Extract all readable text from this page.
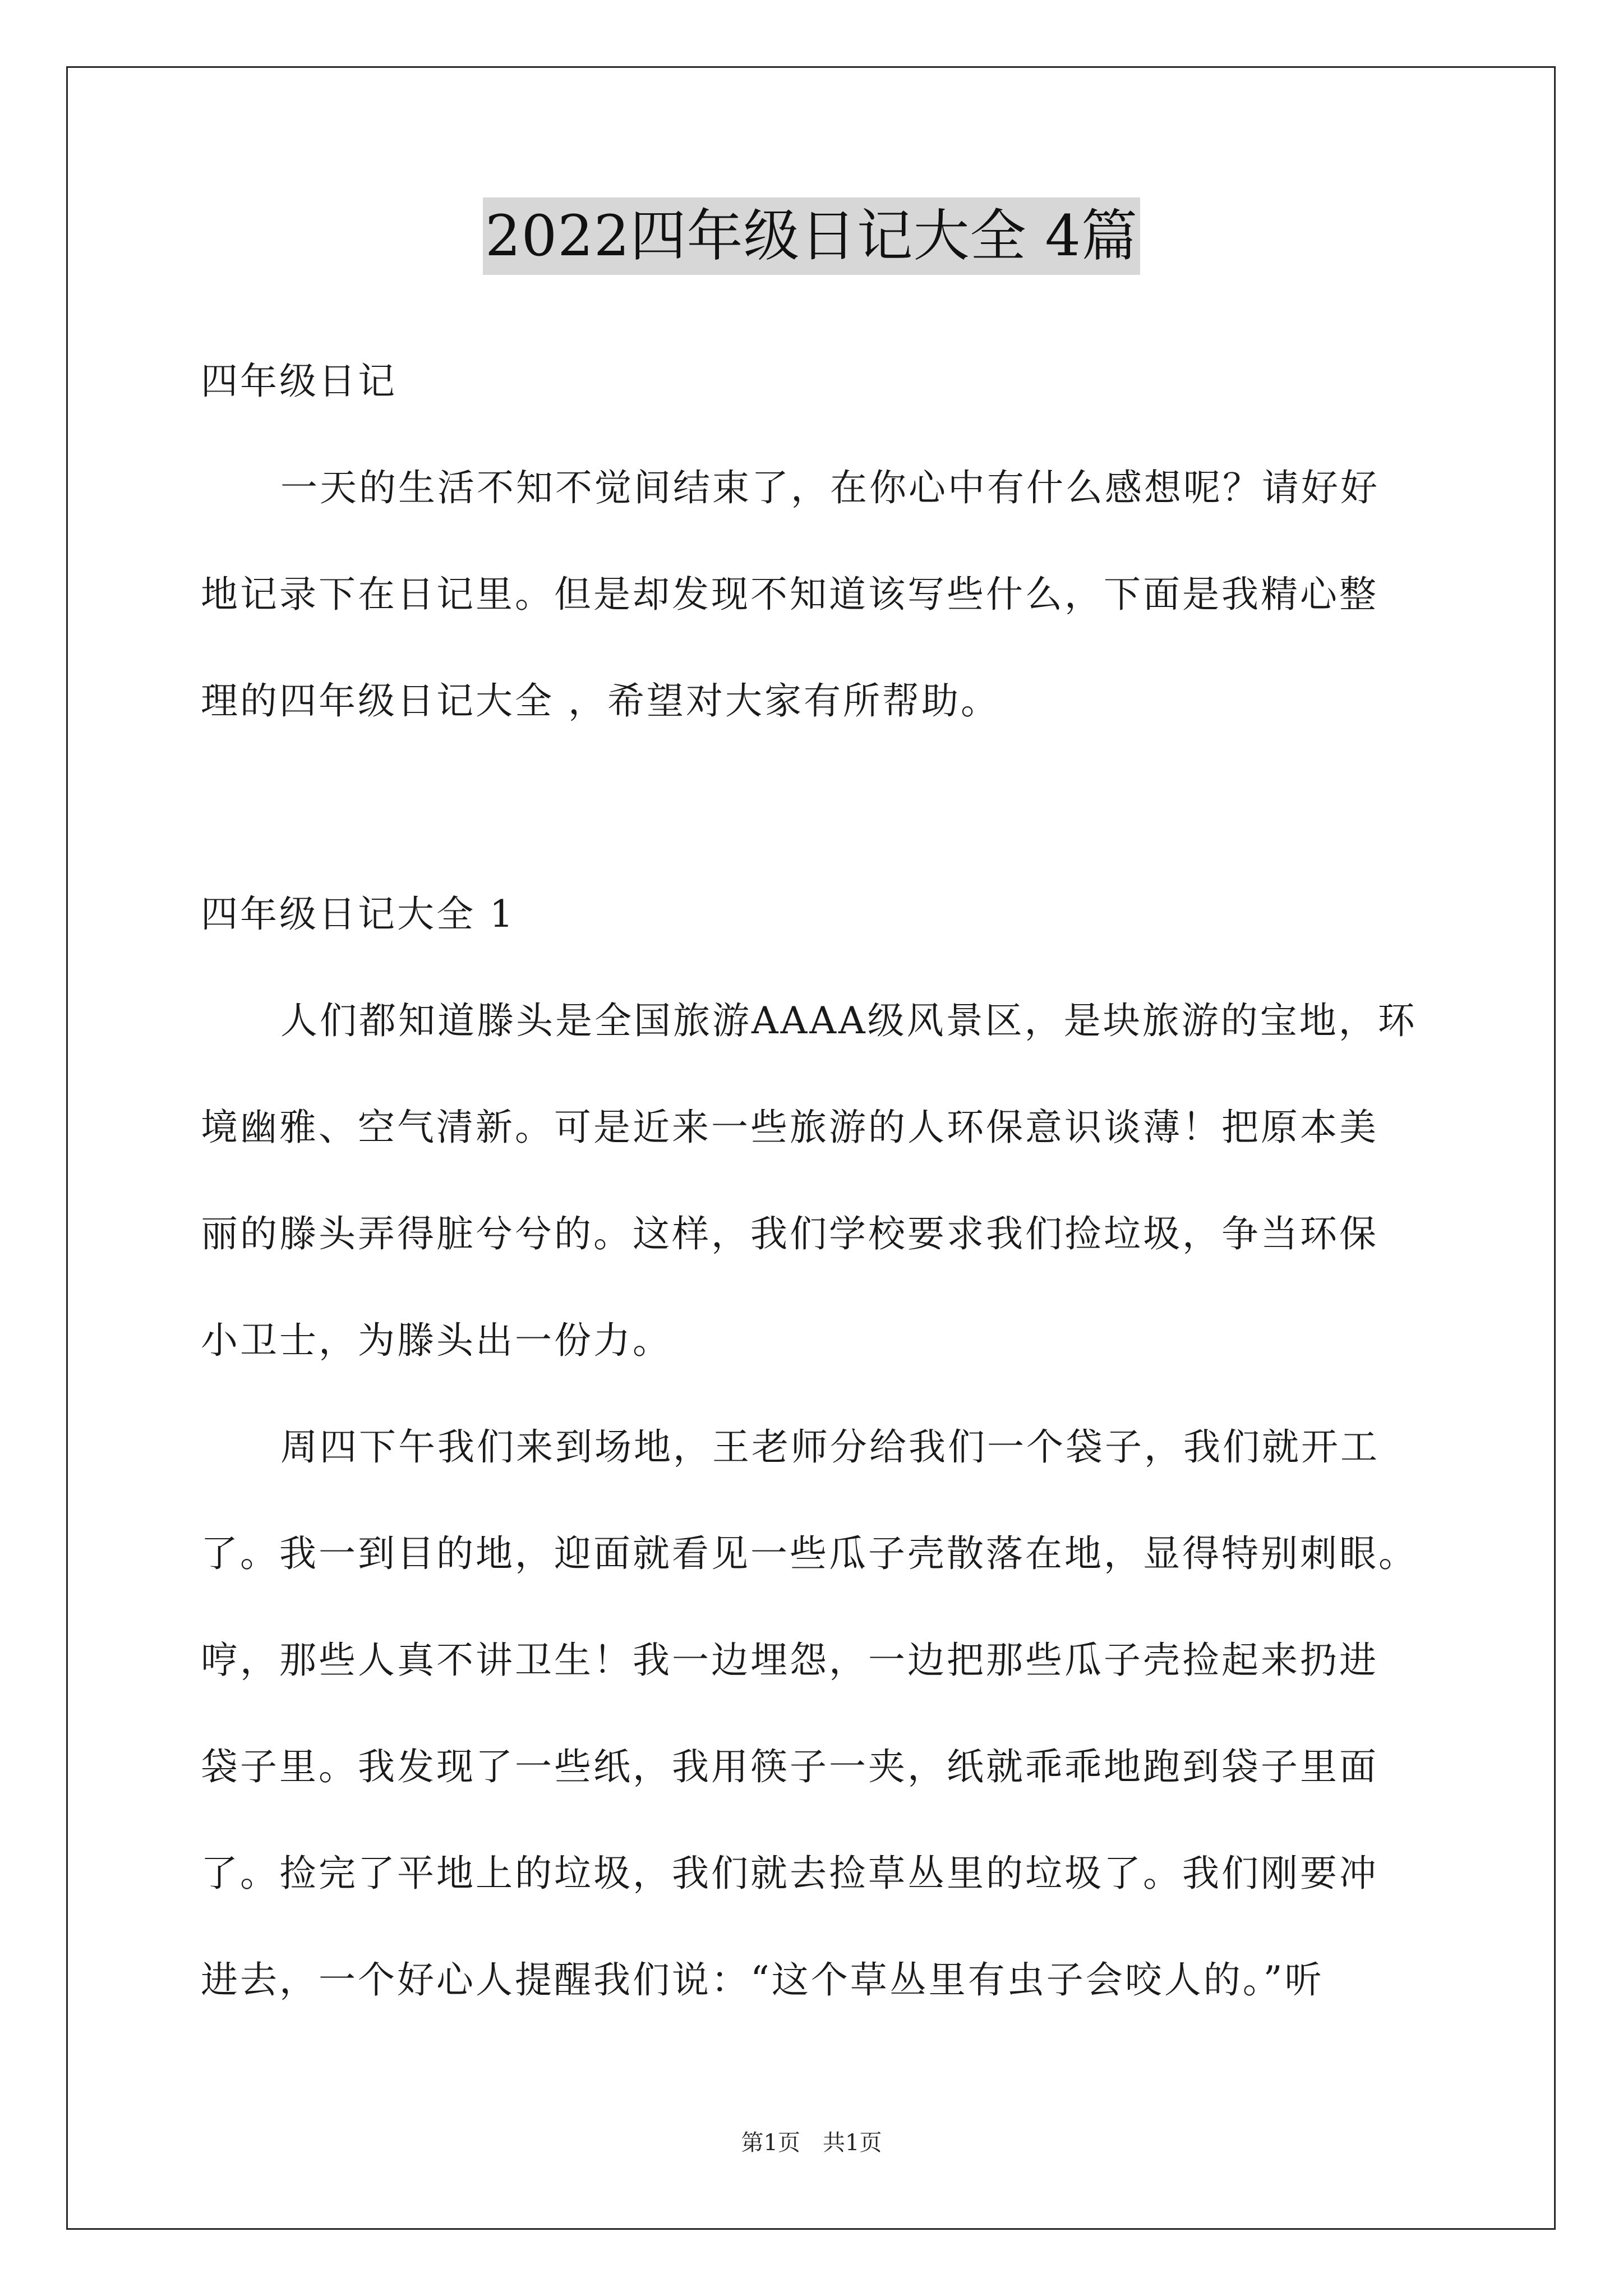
2022四年级日记大全 4篇
四年级日记
一天的生活不知不觉间结束了，在你心中有什么感想呢？请好好
地记录下在日记里。但是却发现不知道该写些什么，下面是我精心整
理的四年级日记大全 ，希望对大家有所帮助。
四年级日记大全 1
人们都知道滕头是全国旅游AAAA级风景区，是块旅游的宝地，环
境幽雅、空气清新。可是近来一些旅游的人环保意识谈薄！把原本美
丽的滕头弄得脏兮兮的。这样，我们学校要求我们捡垃圾，争当环保
小卫士，为滕头出一份力。
周四下午我们来到场地，王老师分给我们一个袋子，我们就开工
了。我一到目的地，迎面就看见一些瓜子壳散落在地，显得特别刺眼。
哼，那些人真不讲卫生！我一边埋怨，一边把那些瓜子壳捡起来扔进
袋子里。我发现了一些纸，我用筷子一夹，纸就乖乖地跑到袋子里面
了。捡完了平地上的垃圾，我们就去捡草丛里的垃圾了。我们刚要冲
进去，一个好心人提醒我们说：“这个草丛里有虫子会咬人的。”听
第1页　共1页
